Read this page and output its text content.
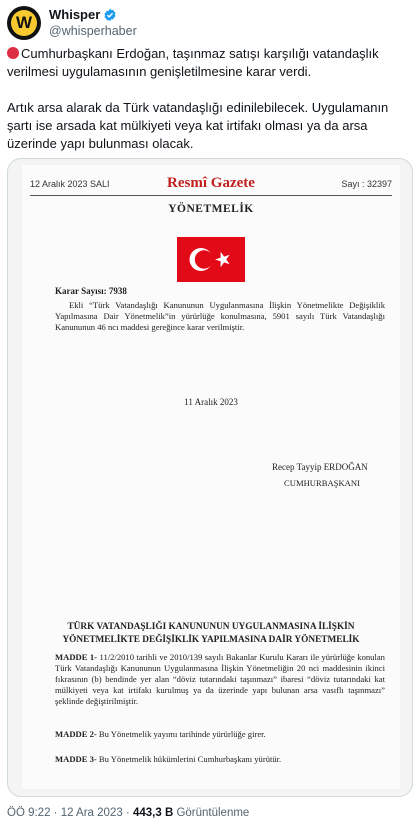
W	Whisper
@whisperhaber

Cumhurbaşkanı Erdoğan, taşınmaz satışı karşılığı vatandaşlık verilmesi uygulamasının genişletilmesine karar verdi.

Artık arsa alarak da Türk vatandaşlığı edinilebilecek. Uygulamanın şartı ise arsada kat mülkiyeti veya kat irtifakı olması ya da arsa üzerinde yapı bulunması olacak.

Resmî Gazete
12 Aralık 2023 SALI	Sayı : 32397
YÖNETMELİK
Karar Sayısı: 7938
Ekli “Türk Vatandaşlığı Kanununun Uygulanmasına İlişkin Yönetmelikte Değişiklik Yapılmasına Dair Yönetmelik”in yürürlüğe konulmasına, 5901 sayılı Türk Vatandaşlığı Kanununun 46 ncı maddesi gereğince karar verilmiştir.
11 Aralık 2023
Recep Tayyip ERDOĞAN
CUMHURBAŞKANI
TÜRK VATANDAŞLIĞI KANUNUNUN UYGULANMASINA İLİŞKİN
YÖNETMELİKTE DEĞİŞİKLİK YAPILMASINA DAİR YÖNETMELİK
MADDE 1- 11/2/2010 tarihli ve 2010/139 sayılı Bakanlar Kurulu Kararı ile yürürlüğe konulan Türk Vatandaşlığı Kanununun Uygulanmasına İlişkin Yönetmeliğin 20 nci maddesinin ikinci fıkrasının (b) bendinde yer alan “döviz tutarındaki taşınmazı” ibaresi “döviz tutarındaki kat mülkiyeti veya kat irtifakı kurulmuş ya da üzerinde yapı bulunan arsa vasıflı taşınmazı” şeklinde değiştirilmiştir.
MADDE 2- Bu Yönetmelik yayımı tarihinde yürürlüğe girer.
MADDE 3- Bu Yönetmelik hükümlerini Cumhurbaşkanı yürütür.
ÖÖ 9:22 · 12 Ara 2023 · 443,3 B Görüntülenme
